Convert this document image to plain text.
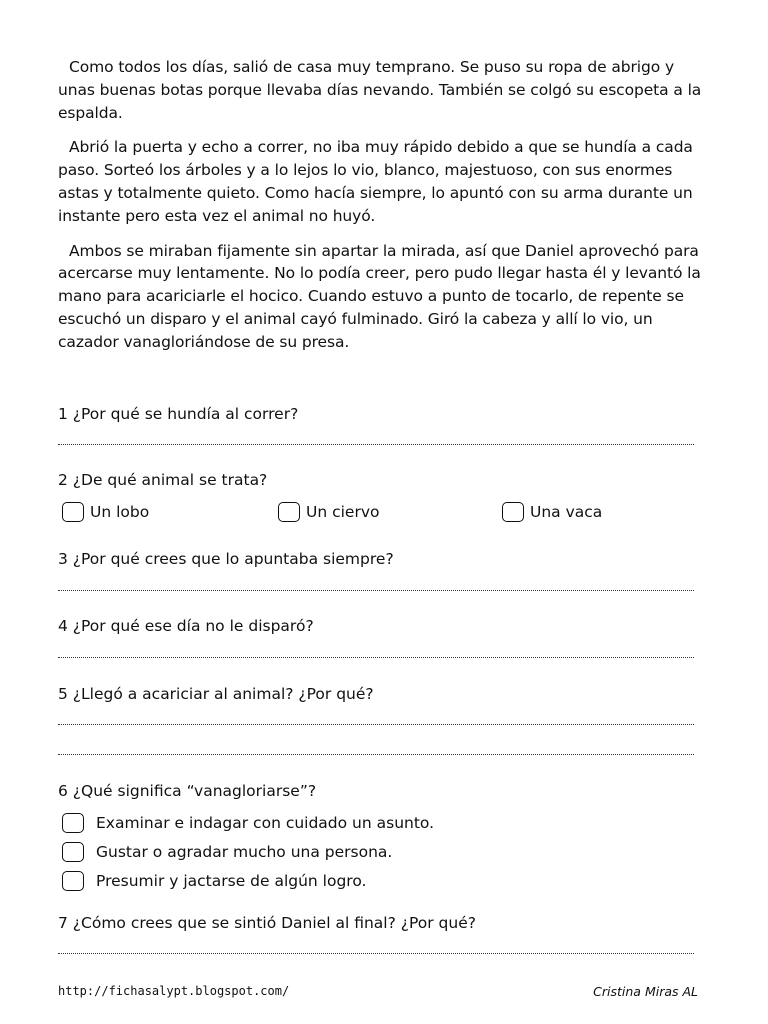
Como todos los días, salió de casa muy temprano. Se puso su ropa de abrigo y unas buenas botas porque llevaba días nevando. También se colgó su escopeta a la espalda.

Abrió la puerta y echo a correr, no iba muy rápido debido a que se hundía a cada paso. Sorteó los árboles y a lo lejos lo vio, blanco, majestuoso, con sus enormes astas y totalmente quieto. Como hacía siempre, lo apuntó con su arma durante un instante pero esta vez el animal no huyó.

Ambos se miraban fijamente sin apartar la mirada, así que Daniel aprovechó para acercarse muy lentamente. No lo podía creer, pero pudo llegar hasta él y levantó la mano para acariciarle el hocico. Cuando estuvo a punto de tocarlo, de repente se escuchó un disparo y el animal cayó fulminado. Giró la cabeza y allí lo vio, un cazador vanagloriándose de su presa.

1 ¿Por qué se hundía al correr?

2 ¿De qué animal se trata?

Un lobo	Un ciervo	Una vaca

3 ¿Por qué crees que lo apuntaba siempre?

4 ¿Por qué ese día no le disparó?

5 ¿Llegó a acariciar al animal? ¿Por qué?

6 ¿Qué significa “vanagloriarse”?

Examinar e indagar con cuidado un asunto.
Gustar o agradar mucho una persona.
Presumir y jactarse de algún logro.

7 ¿Cómo crees que se sintió Daniel al final? ¿Por qué?

http://fichasalypt.blogspot.com/	Cristina Miras AL
